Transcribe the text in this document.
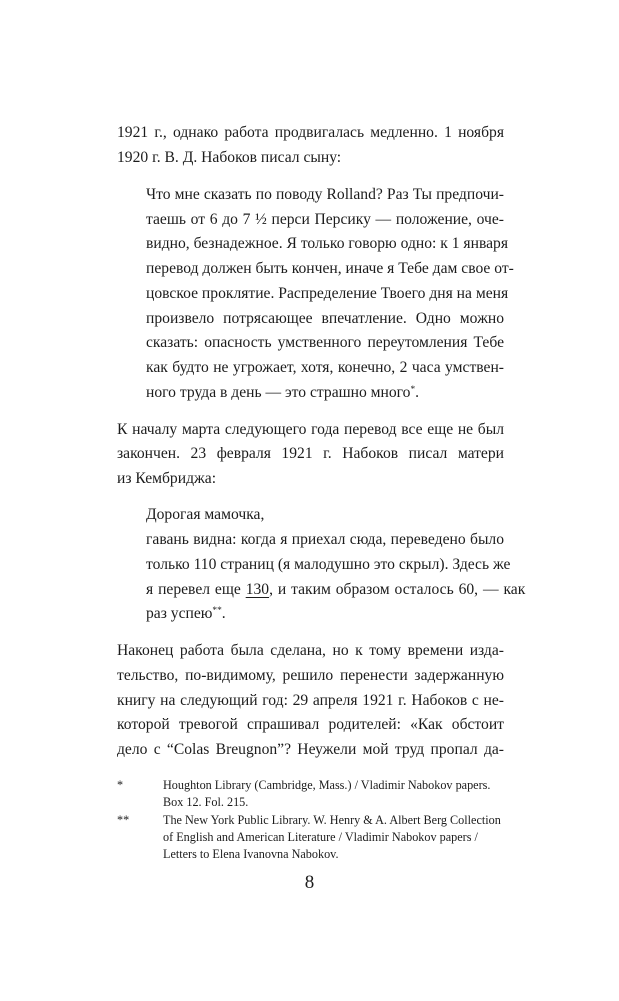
1921 г., однако работа продвигалась медленно. 1 ноября
1920 г. В. Д. Набоков писал сыну:
Что мне сказать по поводу Rolland? Раз Ты предпочи-
таешь от 6 до 7 ½ перси Персику — положение, оче-
видно, безнадежное. Я только говорю одно: к 1 января
перевод должен быть кончен, иначе я Тебе дам свое от-
цовское проклятие. Распределение Твоего дня на меня
произвело потрясающее впечатление. Одно можно
сказать: опасность умственного переутомления Тебе
как будто не угрожает, хотя, конечно, 2 часа умствен-
ного труда в день — это страшно много*.
К началу марта следующего года перевод все еще не был
закончен. 23 февраля 1921 г. Набоков писал матери
из Кембриджа:
Дорогая мамочка,
гавань видна: когда я приехал сюда, переведено было
только 110 страниц (я малодушно это скрыл). Здесь же
я перевел еще 130, и таким образом осталось 60, — как
раз успею**.
Наконец работа была сделана, но к тому времени изда-
тельство, по-видимому, решило перенести задержанную
книгу на следующий год: 29 апреля 1921 г. Набоков с не-
которой тревогой спрашивал родителей: «Как обстоит
дело с “Colas Breugnon”? Неужели мой труд пропал да-
*	Houghton Library (Cambridge, Mass.) / Vladimir Nabokov papers.
Box 12. Fol. 215.
**	The New York Public Library. W. Henry & A. Albert Berg Collection
of English and American Literature / Vladimir Nabokov papers /
Letters to Elena Ivanovna Nabokov.
8
